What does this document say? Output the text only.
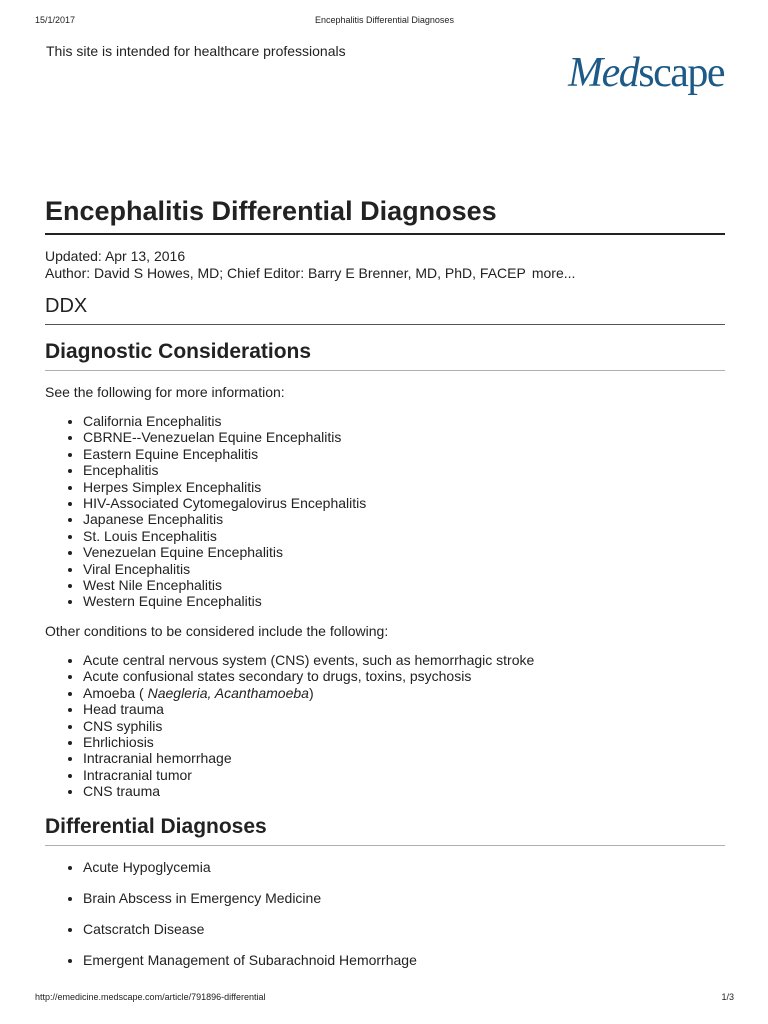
15/1/2017	Encephalitis Differential Diagnoses
This site is intended for healthcare professionals	Medscape
Encephalitis Differential Diagnoses
Updated: Apr 13, 2016
Author: David S Howes, MD; Chief Editor: Barry E Brenner, MD, PhD, FACEP more...
DDX
Diagnostic Considerations

See the following for more information:

• California Encephalitis
• CBRNE--Venezuelan Equine Encephalitis
• Eastern Equine Encephalitis
• Encephalitis
• Herpes Simplex Encephalitis
• HIV-Associated Cytomegalovirus Encephalitis
• Japanese Encephalitis
• St. Louis Encephalitis
• Venezuelan Equine Encephalitis
• Viral Encephalitis
• West Nile Encephalitis
• Western Equine Encephalitis

Other conditions to be considered include the following:

• Acute central nervous system (CNS) events, such as hemorrhagic stroke
• Acute confusional states secondary to drugs, toxins, psychosis
• Amoeba ( Naegleria, Acanthamoeba)
• Head trauma
• CNS syphilis
• Ehrlichiosis
• Intracranial hemorrhage
• Intracranial tumor
• CNS trauma
Differential Diagnoses
• Acute Hypoglycemia
• Brain Abscess in Emergency Medicine
• Catscratch Disease
• Emergent Management of Subarachnoid Hemorrhage
http://emedicine.medscape.com/article/791896-differential	1/3
